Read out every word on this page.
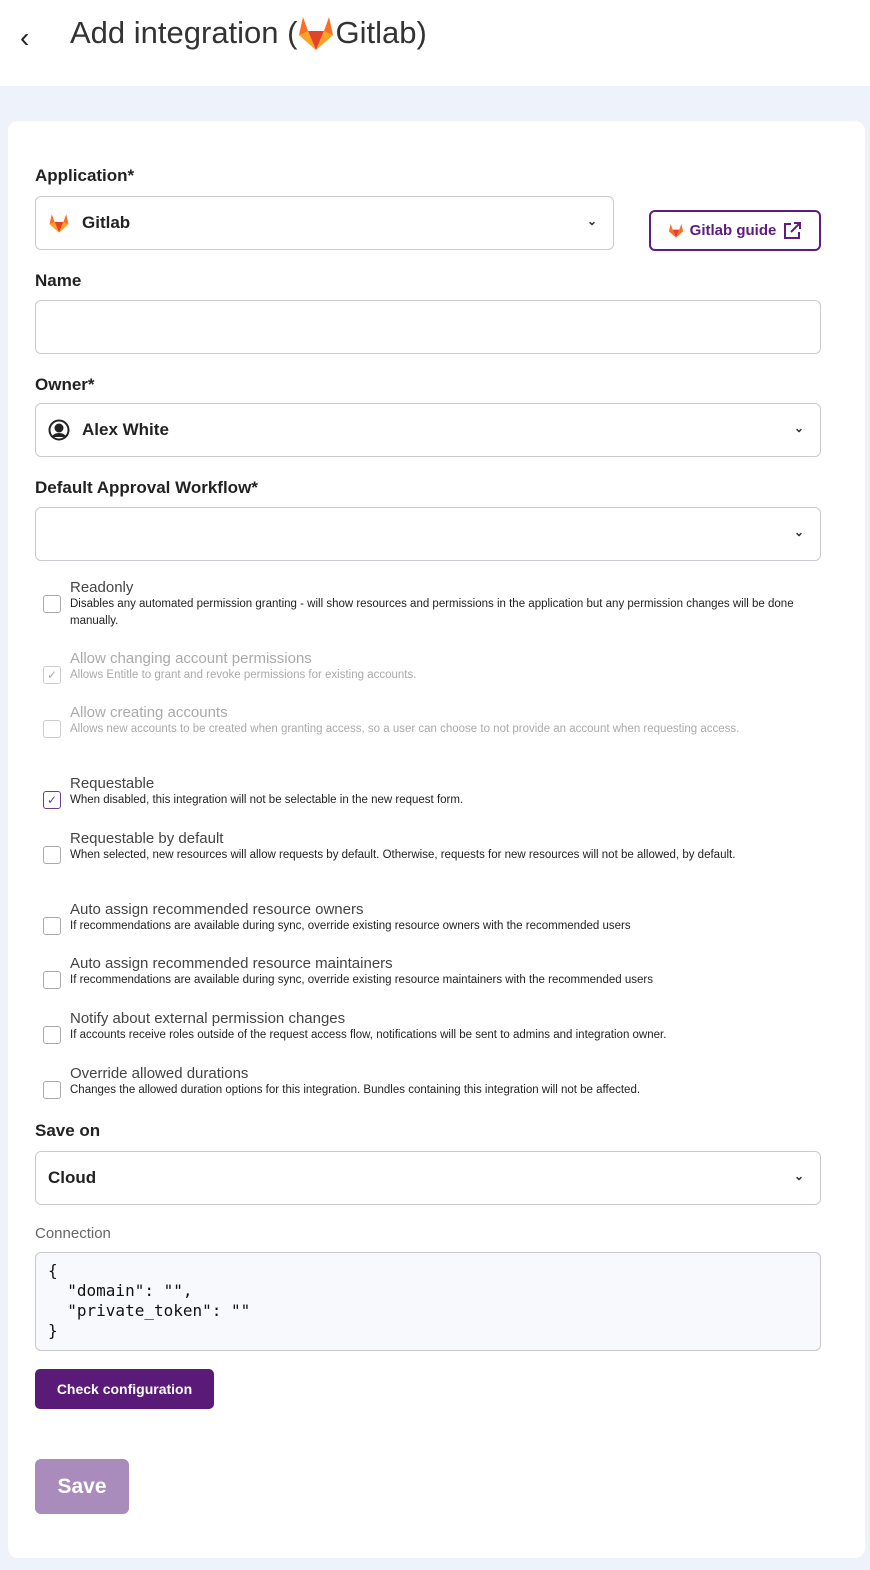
‹ Add integration ( Gitlab )
Application*
Gitlab	⌄
Gitlab guide
Name
Owner*
Alex White	⌄
Default Approval Workflow*
⌄
Readonly
Disables any automated permission granting - will show resources and permissions in the application but any permission changes will be done manually.
✓
Allow changing account permissions
Allows Entitle to grant and revoke permissions for existing accounts.
Allow creating accounts
Allows new accounts to be created when granting access, so a user can choose to not provide an account when requesting access.
✓
Requestable
When disabled, this integration will not be selectable in the new request form.
Requestable by default
When selected, new resources will allow requests by default. Otherwise, requests for new resources will not be allowed, by default.
Auto assign recommended resource owners
If recommendations are available during sync, override existing resource owners with the recommended users
Auto assign recommended resource maintainers
If recommendations are available during sync, override existing resource maintainers with the recommended users
Notify about external permission changes
If accounts receive roles outside of the request access flow, notifications will be sent to admins and integration owner.
Override allowed durations
Changes the allowed duration options for this integration. Bundles containing this integration will not be affected.
Save on
Cloud	⌄
Connection
{
"domain": "",
"private_token": ""
}
Check configuration
Save
